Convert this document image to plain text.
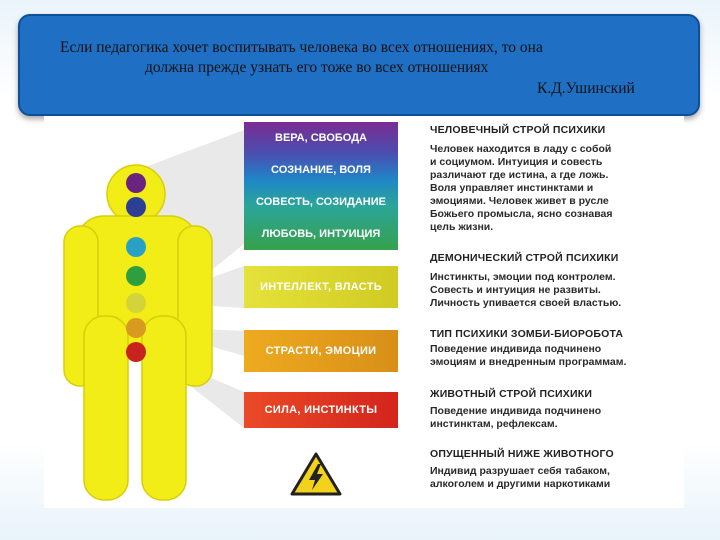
Если педагогика хочет воспитывать человека во всех отношениях, то она
должна прежде узнать его тоже во всех отношениях
К.Д.Ушинский
ВЕРА, СВОБОДА
СОЗНАНИЕ, ВОЛЯ
СОВЕСТЬ, СОЗИДАНИЕ
ЛЮБОВЬ, ИНТУИЦИЯ
ИНТЕЛЛЕКТ, ВЛАСТЬ
СТРАСТИ, ЭМОЦИИ
СИЛА, ИНСТИНКТЫ
ЧЕЛОВЕЧНЫЙ СТРОЙ ПСИХИКИ
Человек находится в ладу с собой
и социумом. Интуиция и совесть
различают где истина, а где ложь.
Воля управляет инстинктами и
эмоциями. Человек живет в русле
Божьего промысла, ясно сознавая
цель жизни.
ДЕМОНИЧЕСКИЙ СТРОЙ ПСИХИКИ
Инстинкты, эмоции под контролем.
Совесть и интуиция не развиты.
Личность упивается своей властью.
ТИП ПСИХИКИ ЗОМБИ-БИОРОБОТА
Поведение индивида подчинено
эмоциям и внедренным программам.
ЖИВОТНЫЙ СТРОЙ ПСИХИКИ
Поведение индивида подчинено
инстинктам, рефлексам.
ОПУЩЕННЫЙ НИЖЕ ЖИВОТНОГО
Индивид разрушает себя табаком,
алкоголем и другими наркотиками
